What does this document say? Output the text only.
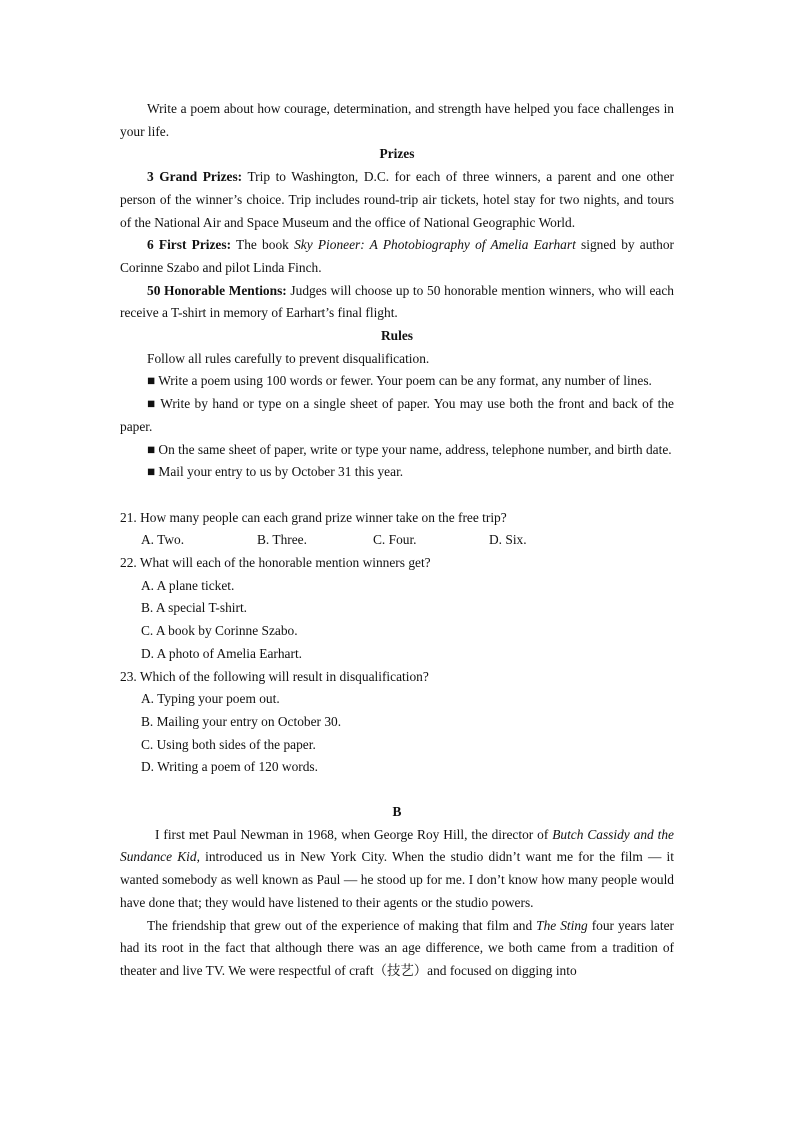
Write a poem about how courage, determination, and strength have helped you face challenges in your life.

Prizes

3 Grand Prizes: Trip to Washington, D.C. for each of three winners, a parent and one other person of the winner’s choice. Trip includes round-trip air tickets, hotel stay for two nights, and tours of the National Air and Space Museum and the office of National Geographic World.

6 First Prizes: The book Sky Pioneer: A Photobiography of Amelia Earhart signed by author Corinne Szabo and pilot Linda Finch.

50 Honorable Mentions: Judges will choose up to 50 honorable mention winners, who will each receive a T-shirt in memory of Earhart’s final flight.

Rules

Follow all rules carefully to prevent disqualification.

■ Write a poem using 100 words or fewer. Your poem can be any format, any number of lines.

■ Write by hand or type on a single sheet of paper. You may use both the front and back of the paper.

■ On the same sheet of paper, write or type your name, address, telephone number, and birth date.

■ Mail your entry to us by October 31 this year.

21. How many people can each grand prize winner take on the free trip?

A. Two.	B. Three.	C. Four.	D. Six.

22. What will each of the honorable mention winners get?

A. A plane ticket.
B. A special T-shirt.
C. A book by Corinne Szabo.
D. A photo of Amelia Earhart.

23. Which of the following will result in disqualification?

A. Typing your poem out.
B. Mailing your entry on October 30.
C. Using both sides of the paper.
D. Writing a poem of 120 words.

B

I first met Paul Newman in 1968, when George Roy Hill, the director of Butch Cassidy and the Sundance Kid, introduced us in New York City. When the studio didn’t want me for the film — it wanted somebody as well known as Paul — he stood up for me. I don’t know how many people would have done that; they would have listened to their agents or the studio powers.

The friendship that grew out of the experience of making that film and The Sting four years later had its root in the fact that although there was an age difference, we both came from a tradition of theater and live TV. We were respectful of craft（技艺）and focused on digging into
